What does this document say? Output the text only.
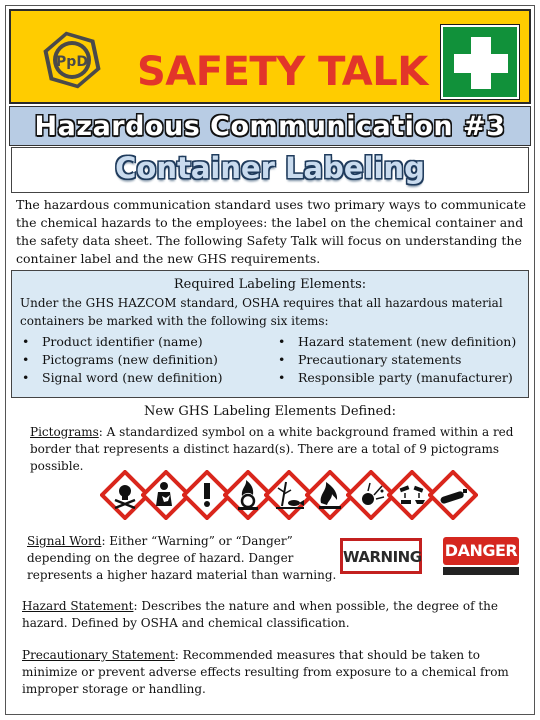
PpD SAFETY TALK
Hazardous Communication #3
Container Labeling
The hazardous communication standard uses two primary ways to communicate the chemical hazards to the employees: the label on the chemical container and the safety data sheet. The following Safety Talk will focus on understanding the container label and the new GHS requirements.
Required Labeling Elements:
Under the GHS HAZCOM standard, OSHA requires that all hazardous material containers be marked with the following six items:
• Product identifier (name)
• Pictograms (new definition)
• Signal word (new definition)
• Hazard statement (new definition)
• Precautionary statements
• Responsible party (manufacturer)
New GHS Labeling Elements Defined:
Pictograms: A standardized symbol on a white background framed within a red border that represents a distinct hazard(s). There are a total of 9 pictograms possible.
Signal Word: Either “Warning” or “Danger” depending on the degree of hazard. Danger represents a higher hazard material than warning.
WARNING DANGER
Hazard Statement: Describes the nature and when possible, the degree of the hazard. Defined by OSHA and chemical classification.
Precautionary Statement: Recommended measures that should be taken to minimize or prevent adverse effects resulting from exposure to a chemical from improper storage or handling.
